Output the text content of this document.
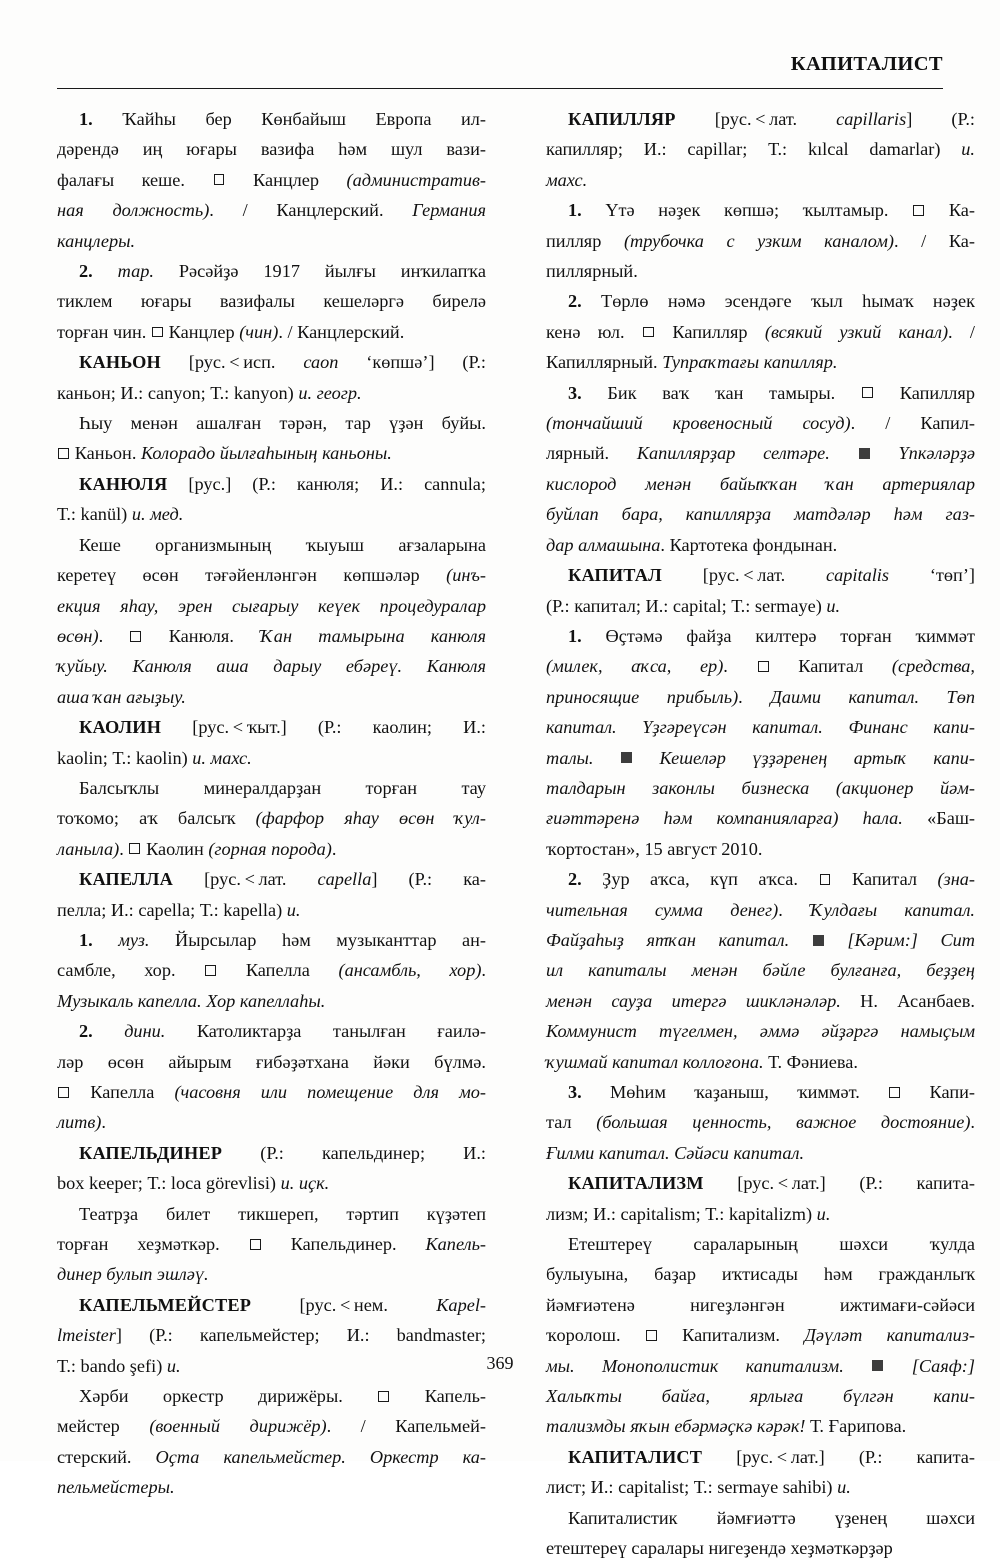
КАПИТАЛИСТ

1. Ҡайһы бер Көнбайыш Европа ил-

дәрендә иң юғары вазифа һәм шул вази-

фалағы кеше.  Канцлер (административ-

ная должность). / Канцлерский. Германия

канцлеры.

2. тар. Рәсәйҙә 1917 йылғы инҡилапҡа

тиклем юғары вазифалы кешеләргә бирелә

торған чин.  Канцлер (чин). / Канцлерский.

КАНЬОН [рус. < исп. саоn ‘көпшә’] (Р.:

каньон; И.: canyon; Т.: kanyon) и. геогр.

Һыу менән ашалған тәрән, тар үҙән буйы.

Каньон. Колорадо йылғаһының каньоны.

КАНЮЛЯ [рус.] (Р.: канюля; И.: cannula;

Т.: kanül) и. мед.

Кеше организмының ҡыуыш ағзаларына

керетеү өсөн тәғәйенләнгән көпшәләр (инъ-

екция яһау, эрен сығарыу кеүек процедуралар

өсөн).  Канюля. Ҡан тамырына канюля

ҡуйыу. Канюля аша дарыу ебәреү. Канюля

аша ҡан ағыҙыу.

КАОЛИН [рус. < ҡыт.] (Р.: каолин; И.:

kaolin; Т.: kaolin) и. махс.

Балсыҡлы минералдарҙан торған тау

тоҡомо; аҡ балсыҡ (фарфор яһау өсөн ҡул-

ланыла).  Каолин (горная порода).

КАПЕЛЛА [рус. < лат. capella] (Р.: ка-

пелла; И.: capella; Т.: kapella) и.

1. муз. Йырсылар һәм музыканттар ан-

самбле, хор.  Капелла (ансамбль, хор).

Музыкаль капелла. Хор капеллаһы.

2. дини. Католиктарҙа танылған ғаилә-

ләр өсөн айырым ғибәҙәтхана йәки бүлмә.

Капелла (часовня или помещение для мо-

литв).

КАПЕЛЬДИНЕР (Р.: капельдинер; И.:

box keeper; Т.: loca görevlisi) и. иҫк.

Театрҙа билет тикшереп, тәртип күҙәтеп

торған хеҙмәткәр.  Капельдинер. Капель-

динер булып эшләү.

КАПЕЛЬМЕЙСТЕР [рус. < нем. Kapel-

lmeister] (Р.: капельмейстер; И.: bandmaster;

Т.: bando şefi) и.

Хәрби оркестр дирижёры.  Капель-

мейстер (военный дирижёр). / Капельмей-

стерский. Оҫта капельмейстер. Оркестр ка-

пельмейстеры.

КАПИЛЛЯР [рус. < лат. capillaris] (Р.:

капилляр; И.: capillar; Т.: kılcal damarlar) и.

махс.

1. Үтә нәҙек көпшә; ҡылтамыр.  Ка-

пилляр (трубочка с узким каналом). / Ка-

пиллярный.

2. Төрлө нәмә эсендәге ҡыл һымаҡ нәҙек

кенә юл.  Капилляр (всякий узкий канал). /

Капиллярный. Тупраҡтағы капилляр.

3. Бик ваҡ ҡан тамыры.  Капилляр

(тончайший кровеносный сосуд). / Капил-

лярный. Капиллярҙар селтәре.	Үпкәләрҙә

кислород менән байыҡҡан ҡан артериялар

буйлап бара, капиллярҙа матдәләр һәм газ-

дар алмашына. Картотека фондынан.

КАПИТАЛ [рус. < лат. capitalis ‘төп’]

(Р.: капитал; И.: capital; Т.: sermaye) и.

1. Өҫтәмә файҙа килтерә торған ҡиммәт

(милек, аҡса, ер).  Капитал (средства,

приносящие прибыль). Даими капитал. Төп

капитал. Үҙгәреүсән капитал. Финанс капи-

талы.	Кешеләр үҙҙәренең артыҡ капи-

талдарын законлы бизнеска (акционер йәм-

ғиәттәренә һәм компанияларға) һала. «Баш-

ҡортостан», 15 август 2010.

2. Ҙур аҡса, күп аҡса.  Капитал (зна-

чительная сумма денег). Ҡулдағы капитал.

Файҙаһыҙ ятҡан капитал.	[Кәрим:] Сит

ил капиталы менән бәйле булғанға, беҙҙең

менән сауҙа итергә шикләнәләр. Н. Асанбаев.

Коммунист түгелмен, әммә әйҙәргә намыҫым

ҡушмай капитал коллоғона. Т. Фәниева.

3. Мөһим ҡаҙаныш, ҡиммәт.  Капи-

тал (большая ценность, важное достояние).

Ғилми капитал. Сәйәси капитал.

КАПИТАЛИЗМ [рус. < лат.] (Р.: капита-

лизм; И.: capitalism; Т.: kapitalizm) и.

Етештереү сараларының шәхси ҡулда

булыуына, баҙар иҡтисады һәм гражданлыҡ

йәмғиәтенә нигеҙләнгән ижтимағи-сәйәси

ҡоролош.  Капитализм. Дәүләт капитализ-

мы. Монополистик капитализм.	[Саяф:]

Халыҡты байға, ярлыға бүлгән капи-

тализмды яҡын ебәрмәҫкә кәрәк! Т. Ғарипова.

КАПИТАЛИСТ [рус. < лат.] (Р.: капита-

лист; И.: capitalist; Т.: sermaye sahibi) и.

Капиталистик йәмғиәттә үҙенең шәхси

етештереү саралары нигеҙендә хеҙмәткәрҙәр

369
